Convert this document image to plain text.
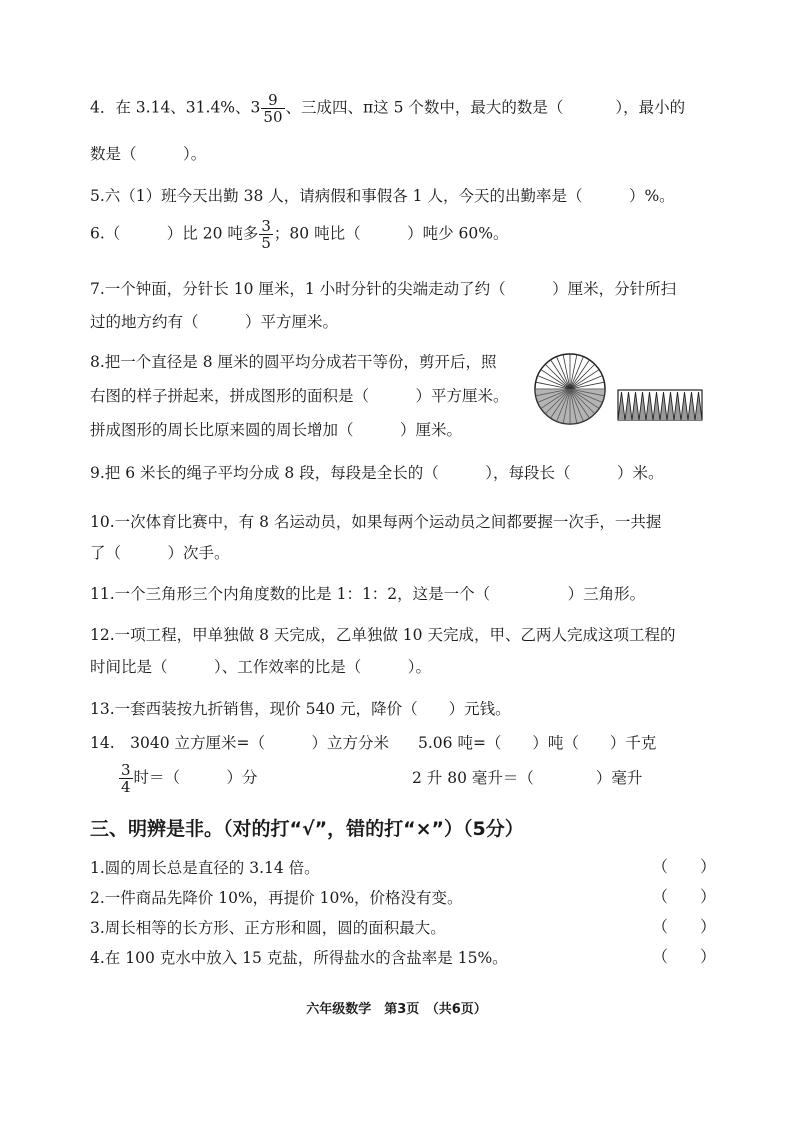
4．在 3.14、31.4%、$3 \frac{9}{50}$ 、三成四、π这 5 个数中，最大的数是（	），最小的
数是（　　　）。
5.六（1）班今天出勤 38 人，请病假和事假各 1 人，今天的出勤率是（　　　）%。
6.（　　　）比 20 吨多 $\frac{3}{5}$ ；80 吨比（　　　）吨少 60%。
7.一个钟面，分针长 10 厘米，1 小时分针的尖端走动了约（　　　）厘米，分针所扫
过的地方约有（　　　）平方厘米。
8.把一个直径是 8 厘米的圆平均分成若干等份，剪开后，照
右图的样子拼起来，拼成图形的面积是（　　　）平方厘米。
拼成图形的周长比原来圆的周长增加（　　　）厘米。
9.把 6 米长的绳子平均分成 8 段，每段是全长的（　　　），每段长（　　　）米。
10.一次体育比赛中，有 8 名运动员，如果每两个运动员之间都要握一次手，一共握
了（　　　）次手。
11.一个三角形三个内角度数的比是 1：1：2，这是一个（　　　　　）三角形。
12.一项工程，甲单独做 8 天完成，乙单独做 10 天完成，甲、乙两人完成这项工程的
时间比是（　　　）、工作效率的比是（　　　）。
13.一套西装按九折销售，现价 540 元，降价（　　）元钱。
14.　3040 立方厘米=（　　　）立方分米 5.06 吨=（　　）吨（　　）千克
$\frac{3}{4}$ 时＝（　　　）分	2 升 80 毫升＝（　　　　）毫升
三、明辨是非。（对的打“√”，错的打“×”）（5分）
1.圆的周长总是直径的 3.14 倍。	（　　）
2.一件商品先降价 10%，再提价 10%，价格没有变。	（　　）
3.周长相等的长方形、正方形和圆，圆的面积最大。	（　　）
4.在 100 克水中放入 15 克盐，所得盐水的含盐率是 15%。	（　　）
六年级数学　第3页　（共6页）
